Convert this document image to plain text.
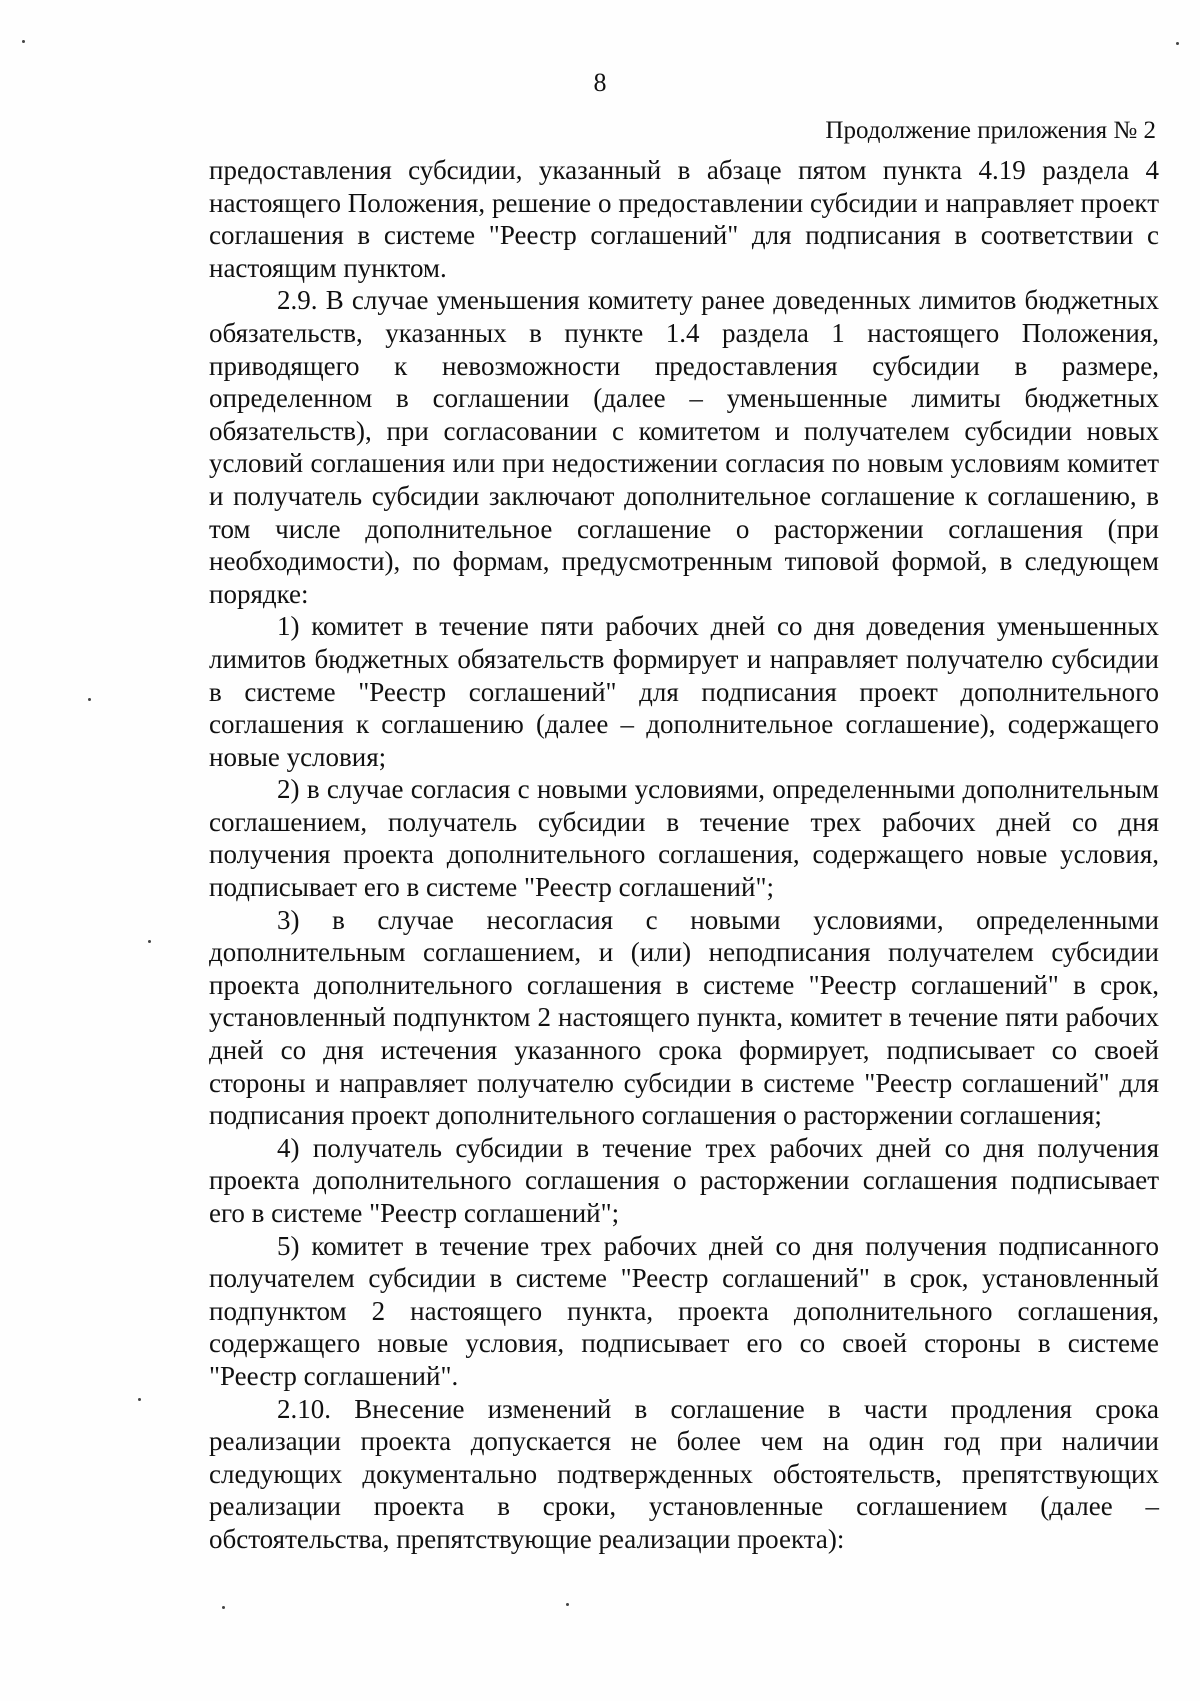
8
Продолжение приложения № 2

предоставления субсидии, указанный в абзаце пятом пункта 4.19 раздела 4 настоящего Положения, решение о предоставлении субсидии и направляет проект соглашения в системе "Реестр соглашений" для подписания в соответствии с настоящим пунктом.

2.9. В случае уменьшения комитету ранее доведенных лимитов бюджетных обязательств, указанных в пункте 1.4 раздела 1 настоящего Положения, приводящего к невозможности предоставления субсидии в размере, определенном в соглашении (далее – уменьшенные лимиты бюджетных обязательств), при согласовании с комитетом и получателем субсидии новых условий соглашения или при недостижении согласия по новым условиям комитет и получатель субсидии заключают дополнительное соглашение к соглашению, в том числе дополнительное соглашение о расторжении соглашения (при необходимости), по формам, предусмотренным типовой формой, в следующем порядке:

1) комитет в течение пяти рабочих дней со дня доведения уменьшенных лимитов бюджетных обязательств формирует и направляет получателю субсидии в системе "Реестр соглашений" для подписания проект дополнительного соглашения к соглашению (далее – дополнительное соглашение), содержащего новые условия;

2) в случае согласия с новыми условиями, определенными дополнительным соглашением, получатель субсидии в течение трех рабочих дней со дня получения проекта дополнительного соглашения, содержащего новые условия, подписывает его в системе "Реестр соглашений";

3) в случае несогласия с новыми условиями, определенными дополнительным соглашением, и (или) неподписания получателем субсидии проекта дополнительного соглашения в системе "Реестр соглашений" в срок, установленный подпунктом 2 настоящего пункта, комитет в течение пяти рабочих дней со дня истечения указанного срока формирует, подписывает со своей стороны и направляет получателю субсидии в системе "Реестр соглашений" для подписания проект дополнительного соглашения о расторжении соглашения;

4) получатель субсидии в течение трех рабочих дней со дня получения проекта дополнительного соглашения о расторжении соглашения подписывает его в системе "Реестр соглашений";

5) комитет в течение трех рабочих дней со дня получения подписанного получателем субсидии в системе "Реестр соглашений" в срок, установленный подпунктом 2 настоящего пункта, проекта дополнительного соглашения, содержащего новые условия, подписывает его со своей стороны в системе "Реестр соглашений".

2.10. Внесение изменений в соглашение в части продления срока реализации проекта допускается не более чем на один год при наличии следующих документально подтвержденных обстоятельств, препятствующих реализации проекта в сроки, установленные соглашением (далее – обстоятельства, препятствующие реализации проекта):
